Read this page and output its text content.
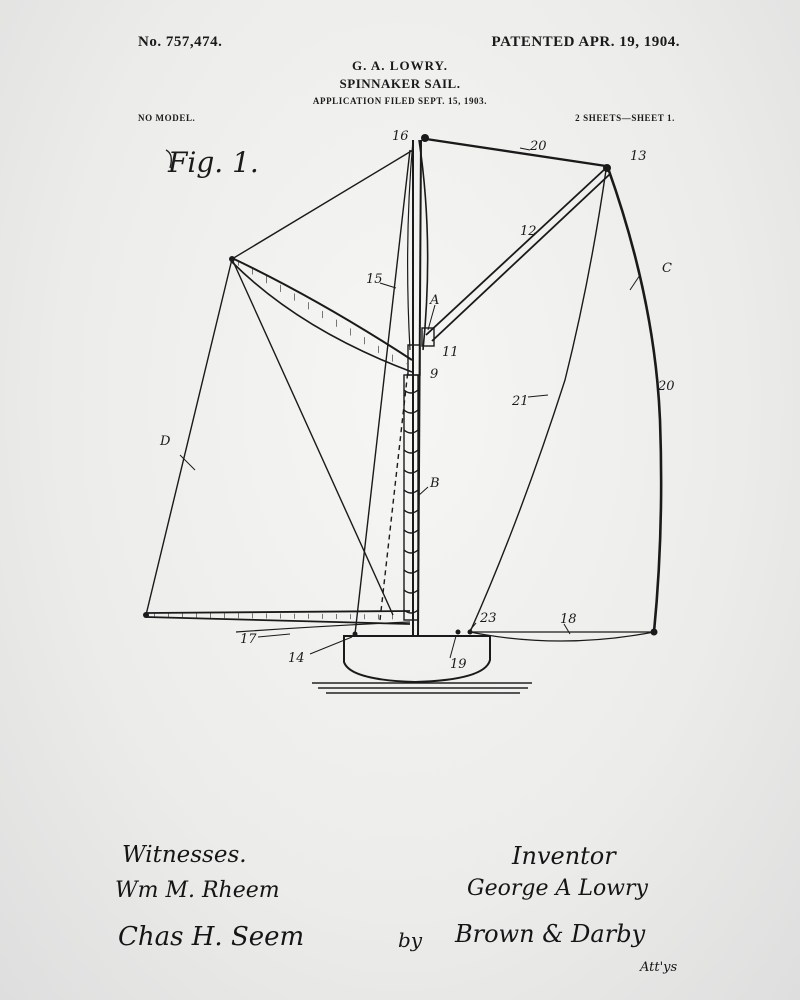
No. 757,474.	PATENTED APR. 19, 1904.
G. A. LOWRY.
SPINNAKER SAIL.
APPLICATION FILED SEPT. 15, 1903.
NO MODEL.	2 SHEETS—SHEET 1.
Fig. 1.
16
20
13
12
C
15
A
11
9
20
21
D
B
23	18
17
14	19
Witnesses.	Inventor
Wm M. Rheem	George A Lowry
Chas H. Seem	by Brown & Darby
Att'ys
